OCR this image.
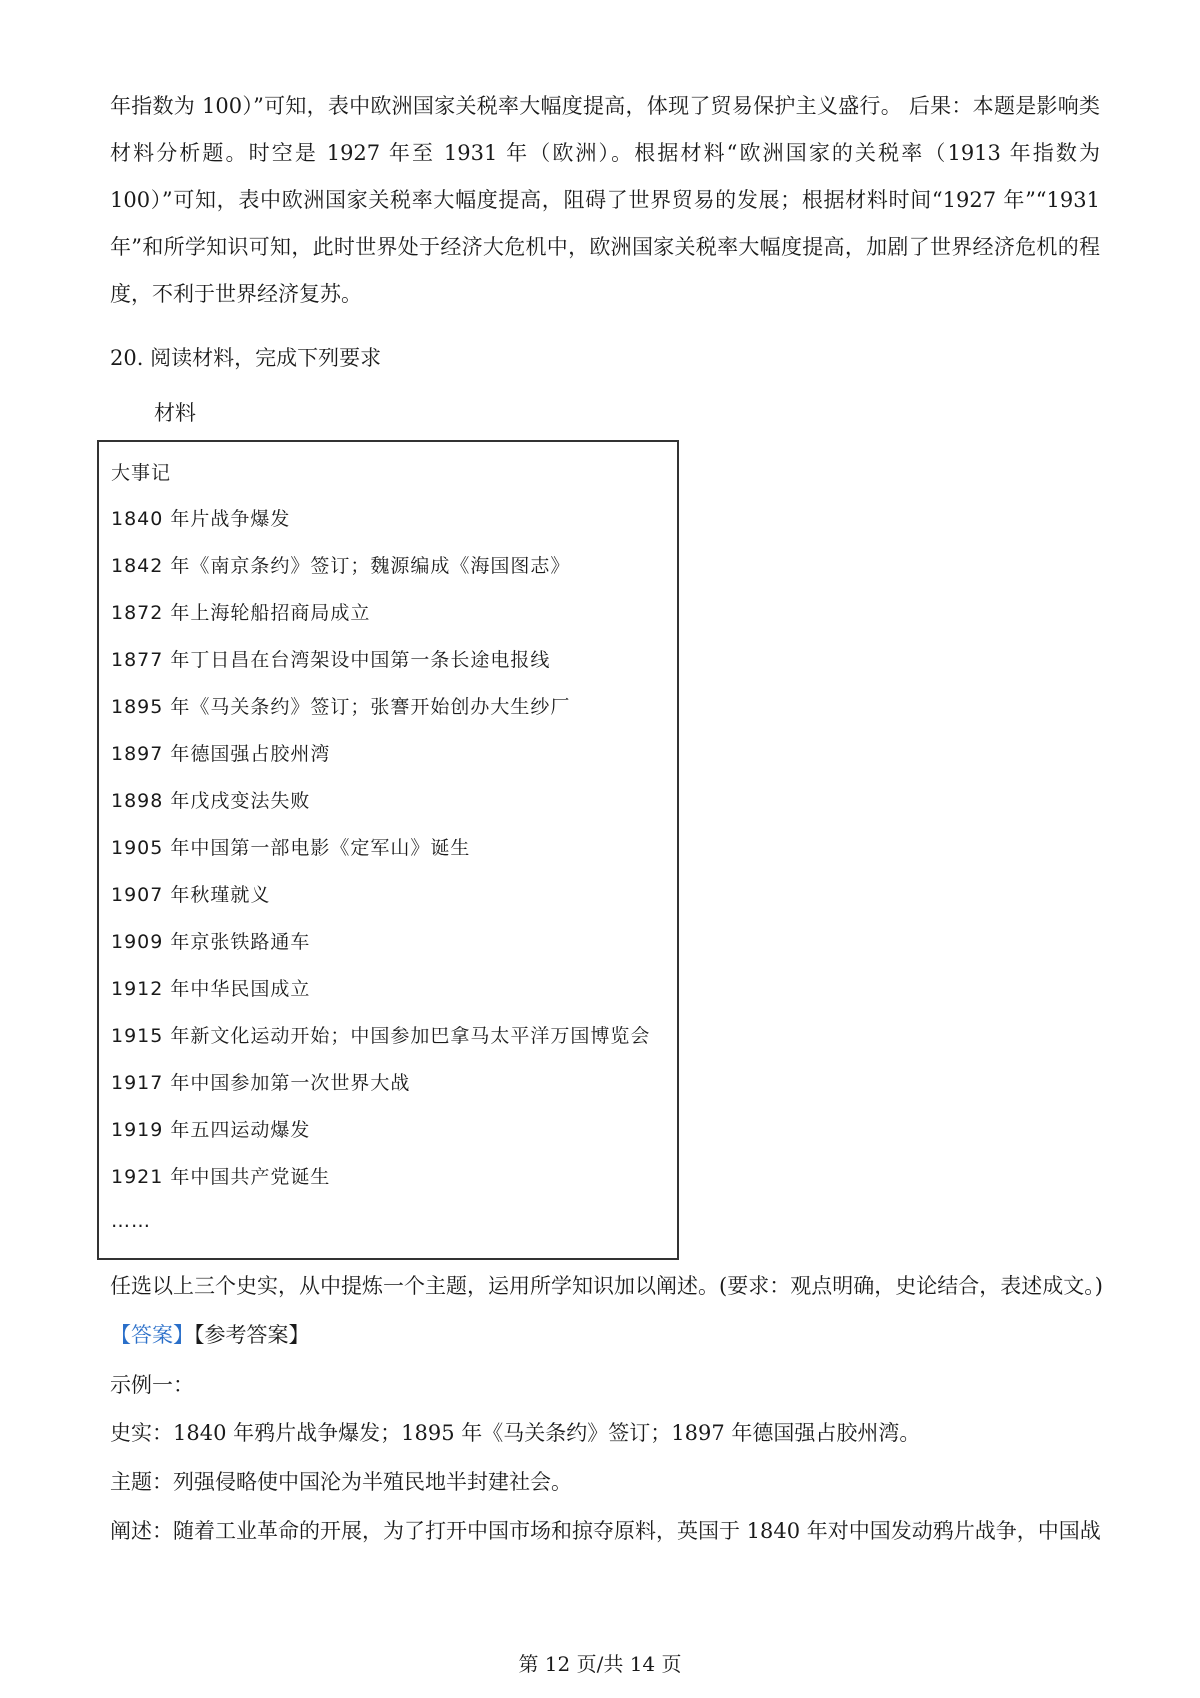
年指数为 100）”可知，表中欧洲国家关税率大幅度提高，体现了贸易保护主义盛行。 后果：本题是影响类材料分析题。时空是 1927 年至 1931 年（欧洲）。根据材料“欧洲国家的关税率（1913 年指数为 100）”可知，表中欧洲国家关税率大幅度提高，阻碍了世界贸易的发展；根据材料时间“1927 年”“1931 年”和所学知识可知，此时世界处于经济大危机中，欧洲国家关税率大幅度提高，加剧了世界经济危机的程度，不利于世界经济复苏。

20. 阅读材料，完成下列要求

材料

大事记

1840 年片战争爆发

1842 年《南京条约》签订；魏源编成《海国图志》

1872 年上海轮船招商局成立

1877 年丁日昌在台湾架设中国第一条长途电报线

1895 年《马关条约》签订；张謇开始创办大生纱厂

1897 年德国强占胶州湾

1898 年戊戌变法失败

1905 年中国第一部电影《定军山》诞生

1907 年秋瑾就义

1909 年京张铁路通车

1912 年中华民国成立

1915 年新文化运动开始；中国参加巴拿马太平洋万国博览会

1917 年中国参加第一次世界大战

1919 年五四运动爆发

1921 年中国共产党诞生

……

任选以上三个史实，从中提炼一个主题，运用所学知识加以阐述。(要求：观点明确，史论结合，表述成文。)

【答案】【参考答案】

示例一：

史实：1840 年鸦片战争爆发；1895 年《马关条约》签订；1897 年德国强占胶州湾。

主题：列强侵略使中国沦为半殖民地半封建社会。

阐述：随着工业革命的开展，为了打开中国市场和掠夺原料，英国于 1840 年对中国发动鸦片战争，中国战

第 12 页/共 14 页
